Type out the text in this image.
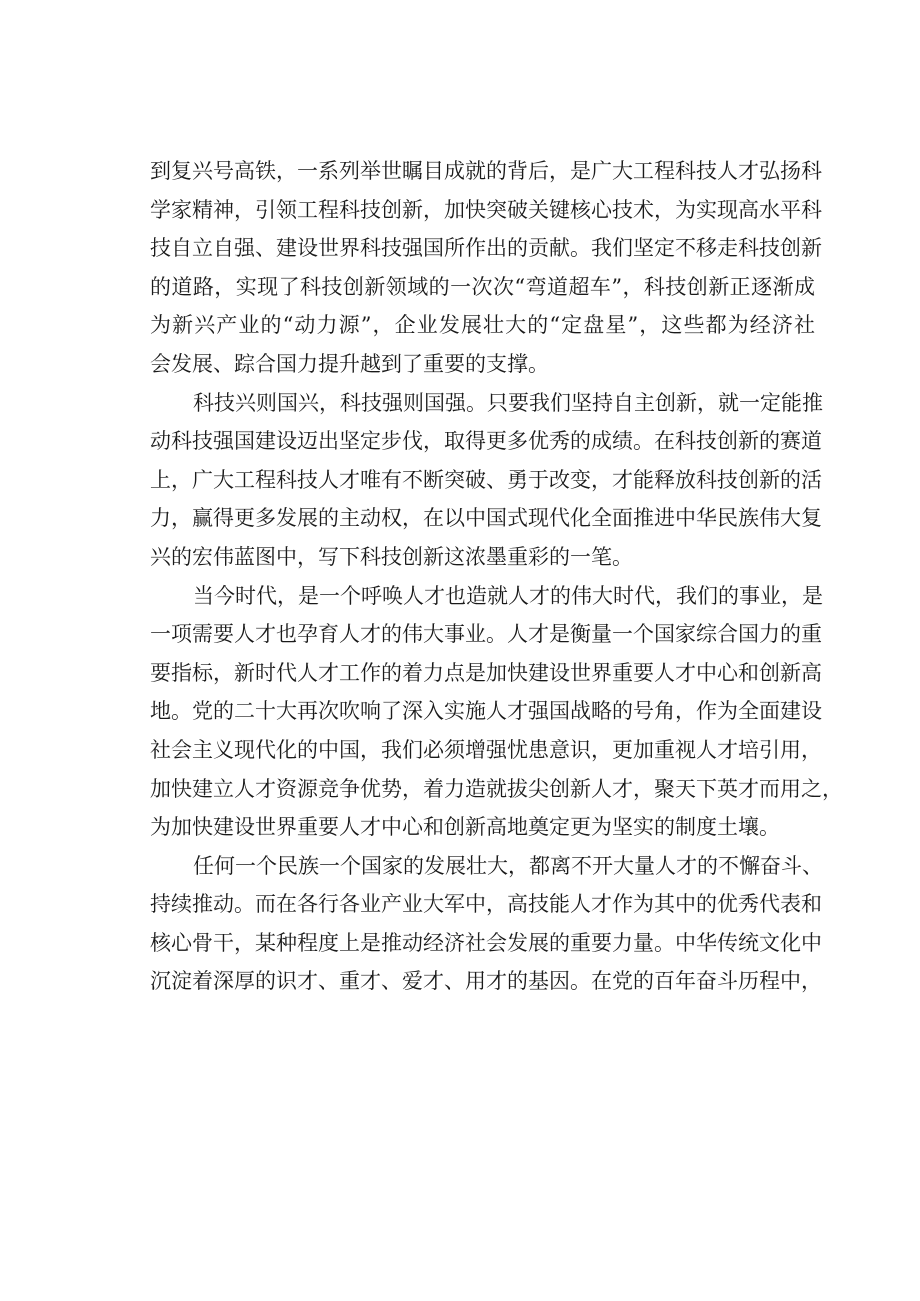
到复兴号高铁，一系列举世瞩目成就的背后，是广大工程科技人才弘扬科
学家精神，引领工程科技创新，加快突破关键核心技术，为实现高水平科
技自立自强、建设世界科技强国所作出的贡献。我们坚定不移走科技创新
的道路，实现了科技创新领域的一次次“弯道超车”，科技创新正逐渐成
为新兴产业的“动力源”，企业发展壮大的“定盘星”，这些都为经济社
会发展、踪合国力提升越到了重要的支撑。
科技兴则国兴，科技强则国强。只要我们坚持自主创新，就一定能推
动科技强国建设迈出坚定步伐，取得更多优秀的成绩。在科技创新的赛道
上，广大工程科技人才唯有不断突破、勇于改变，才能释放科技创新的活
力，赢得更多发展的主动权，在以中国式现代化全面推进中华民族伟大复
兴的宏伟蓝图中，写下科技创新这浓墨重彩的一笔。
当今时代，是一个呼唤人才也造就人才的伟大时代，我们的事业，是
一项需要人才也孕育人才的伟大事业。人才是衡量一个国家综合国力的重
要指标，新时代人才工作的着力点是加快建设世界重要人才中心和创新高
地。党的二十大再次吹响了深入实施人才强国战略的号角，作为全面建设
社会主义现代化的中国，我们必须增强忧患意识，更加重视人才培引用，
加快建立人才资源竞争优势，着力造就拔尖创新人才，聚天下英才而用之，
为加快建设世界重要人才中心和创新高地奠定更为坚实的制度土壤。
任何一个民族一个国家的发展壮大，都离不开大量人才的不懈奋斗、
持续推动。而在各行各业产业大军中，高技能人才作为其中的优秀代表和
核心骨干，某种程度上是推动经济社会发展的重要力量。中华传统文化中
沉淀着深厚的识才、重才、爱才、用才的基因。在党的百年奋斗历程中，
